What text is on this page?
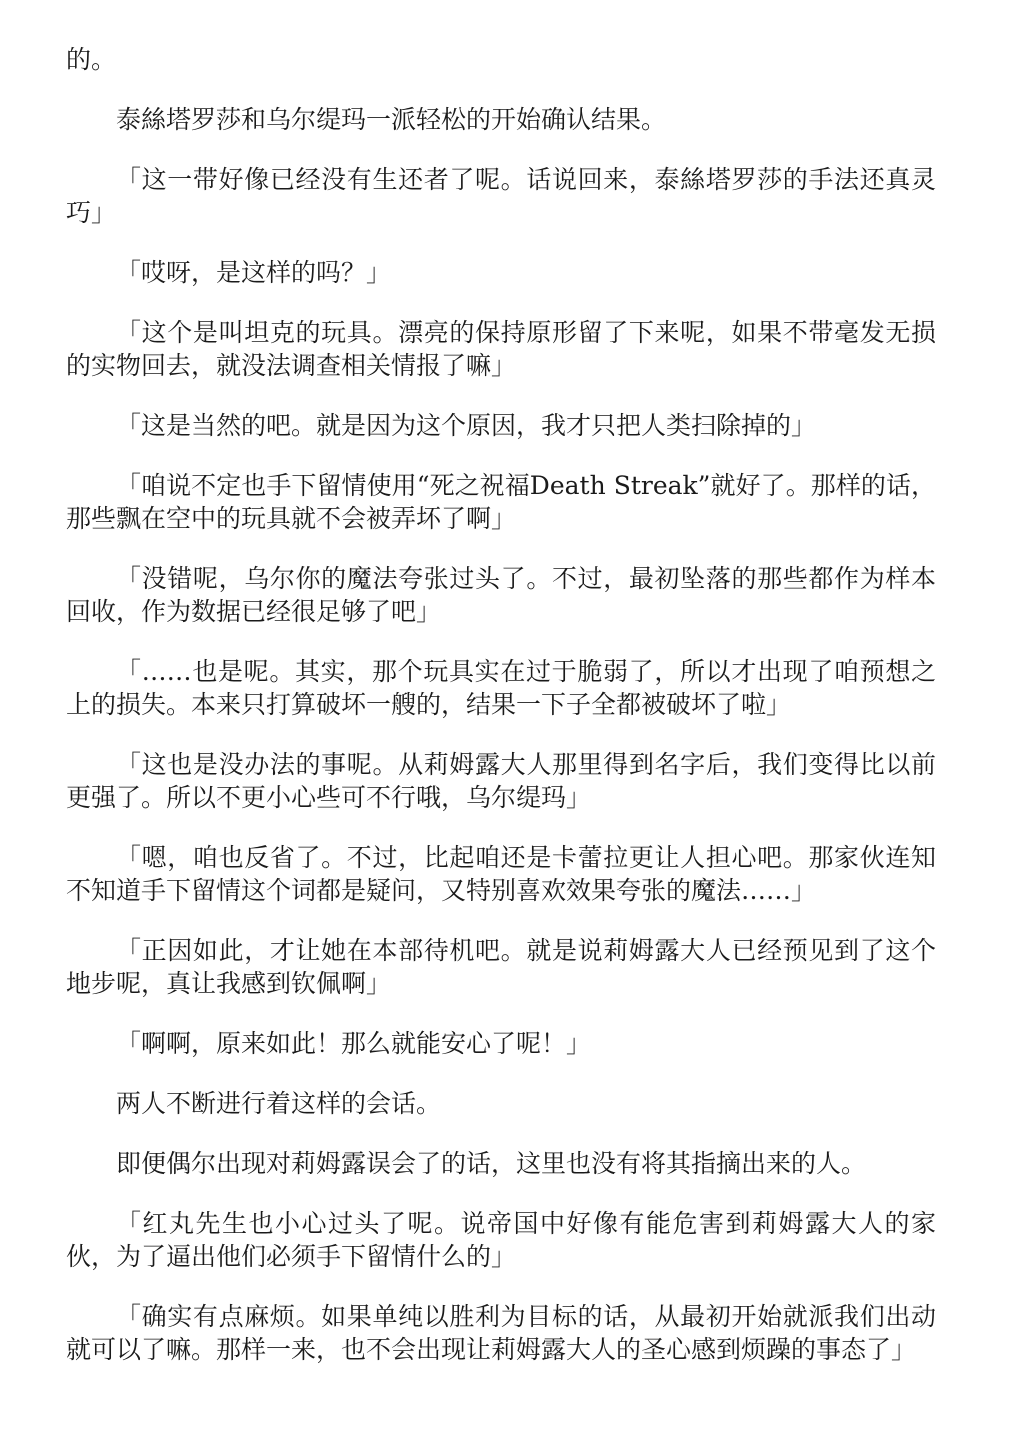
的。

泰絲塔罗莎和乌尔缇玛一派轻松的开始确认结果。

「这一带好像已经没有生还者了呢。话说回来，泰絲塔罗莎的手法还真灵巧」

「哎呀，是这样的吗？」

「这个是叫坦克的玩具。漂亮的保持原形留了下来呢，如果不带毫发无损的实物回去，就没法调查相关情报了嘛」

「这是当然的吧。就是因为这个原因，我才只把人类扫除掉的」

「咱说不定也手下留情使用“死之祝福Death Streak”就好了。那样的话，那些飘在空中的玩具就不会被弄坏了啊」

「没错呢，乌尔你的魔法夸张过头了。不过，最初坠落的那些都作为样本回收，作为数据已经很足够了吧」

「……也是呢。其实，那个玩具实在过于脆弱了，所以才出现了咱预想之上的损失。本来只打算破坏一艘的，结果一下子全都被破坏了啦」

「这也是没办法的事呢。从莉姆露大人那里得到名字后，我们变得比以前更强了。所以不更小心些可不行哦，乌尔缇玛」

「嗯，咱也反省了。不过，比起咱还是卡蕾拉更让人担心吧。那家伙连知不知道手下留情这个词都是疑问，又特别喜欢效果夸张的魔法……」

「正因如此，才让她在本部待机吧。就是说莉姆露大人已经预见到了这个地步呢，真让我感到钦佩啊」

「啊啊，原来如此！那么就能安心了呢！」

两人不断进行着这样的会话。

即便偶尔出现对莉姆露误会了的话，这里也没有将其指摘出来的人。

「红丸先生也小心过头了呢。说帝国中好像有能危害到莉姆露大人的家伙，为了逼出他们必须手下留情什么的」

「确实有点麻烦。如果单纯以胜利为目标的话，从最初开始就派我们出动就可以了嘛。那样一来，也不会出现让莉姆露大人的圣心感到烦躁的事态了」
